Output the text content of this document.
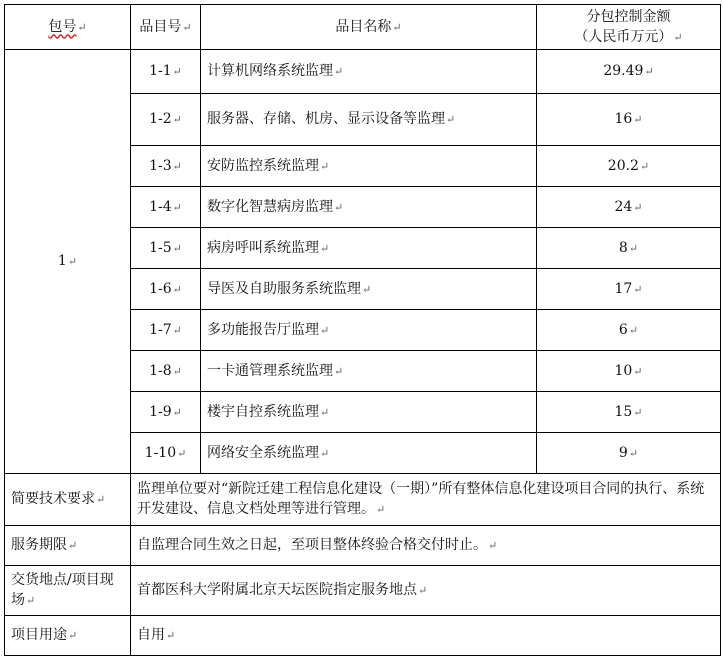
包号↵	品目号↵	品目名称↵	分包控制金额
（人民币万元）↵

1↵	1-1↵	计算机网络系统监理↵	29.49↵
	1-2↵	服务器、存储、机房、显示设备等监理↵	16↵
	1-3↵	安防监控系统监理↵	20.2↵
	1-4↵	数字化智慧病房监理↵	24↵
	1-5↵	病房呼叫系统监理↵	8↵
	1-6↵	导医及自助服务系统监理↵	17↵
	1-7↵	多功能报告厅监理↵	6↵
	1-8↵	一卡通管理系统监理↵	10↵
	1-9↵	楼宇自控系统监理↵	15↵
	1-10↵	网络安全系统监理↵	9↵
简要技术要求↵	监理单位要对“新院迁建工程信息化建设（一期）”所有整体信息化建设项目合同的执行、系统开发建设、信息文档处理等进行管理。↵		
服务期限↵	自监理合同生效之日起，至项目整体终验合格交付时止。↵		
交货地点/项目现场↵	首都医科大学附属北京天坛医院指定服务地点↵		
项目用途↵	自用↵		
